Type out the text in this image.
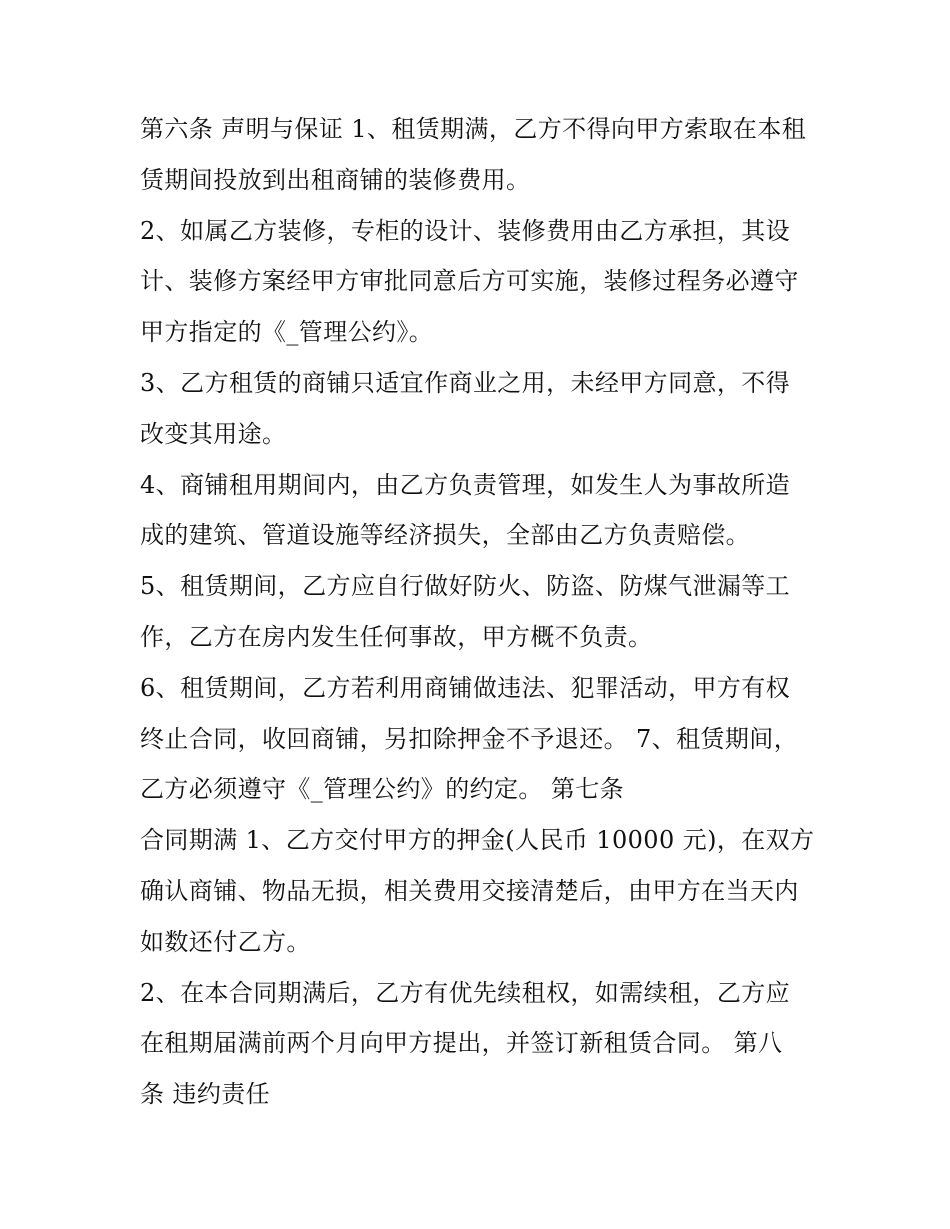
第六条 声明与保证 1、租赁期满，乙方不得向甲方索取在本租
赁期间投放到出租商铺的装修费用。
2、如属乙方装修，专柜的设计、装修费用由乙方承担，其设
计、装修方案经甲方审批同意后方可实施，装修过程务必遵守
甲方指定的《_管理公约》。
3、乙方租赁的商铺只适宜作商业之用，未经甲方同意，不得
改变其用途。
4、商铺租用期间内，由乙方负责管理，如发生人为事故所造
成的建筑、管道设施等经济损失，全部由乙方负责赔偿。
5、租赁期间，乙方应自行做好防火、防盗、防煤气泄漏等工
作，乙方在房内发生任何事故，甲方概不负责。
6、租赁期间，乙方若利用商铺做违法、犯罪活动，甲方有权
终止合同，收回商铺，另扣除押金不予退还。 7、租赁期间，
乙方必须遵守《_管理公约》的约定。 第七条
合同期满 1、乙方交付甲方的押金(人民币 10000 元)，在双方
确认商铺、物品无损，相关费用交接清楚后，由甲方在当天内
如数还付乙方。
2、在本合同期满后，乙方有优先续租权，如需续租，乙方应
在租期届满前两个月向甲方提出，并签订新租赁合同。 第八
条 违约责任
